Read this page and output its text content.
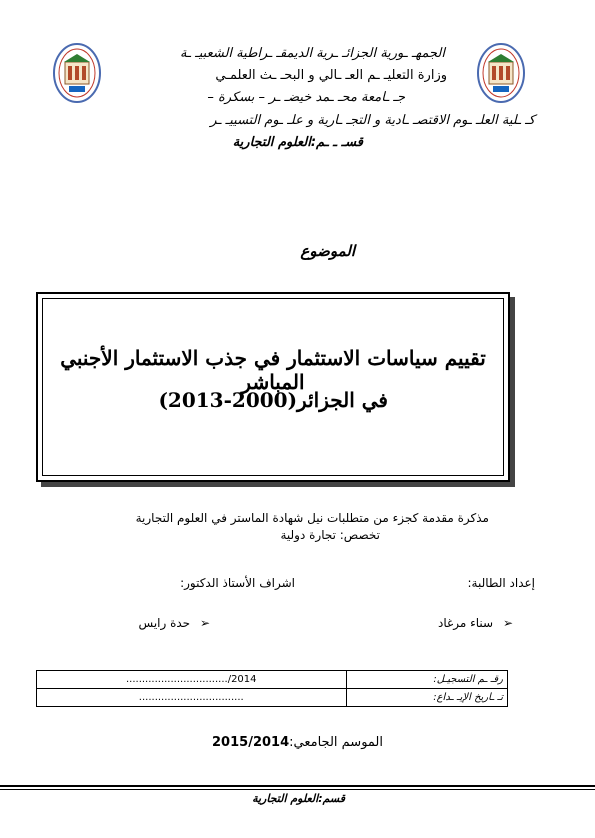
الجمهـ ـورية الجزائـ ـرية الديمقـ ـراطية الشعبيـ ـة
وزارة التعليـ ـم العـ ـالي و البحـ ـث العلمـي
جـ ـامعة محـ ـمد خيضـ ـر – بسكرة –
كـ ـلية العلـ ـوم الاقتصـ ـادية و التجـ ـارية و علـ ـوم التسييـ ـر
قسـ ـ ـم:العلوم التجارية
الموضوع
تقييم سياسات الاستثمار في جذب الاستثمار الأجنبي المباشر
في الجزائر(2000-2013)
مذكرة مقدمة كجزء من متطلبات نيل شهادة الماستر في العلوم التجارية
تخصص: تجارة دولية
إعداد الطالبة:
اشراف الأستاذ الدكتور:
➢ سناء مرغاد
➢ حدة رايس
................................/2014	رقـ ـم التسجيـل:
.................................	تـ ـاريخ الإيـ ـداع:
الموسم الجامعي:2015/2014
قسم:العلوم التجارية
